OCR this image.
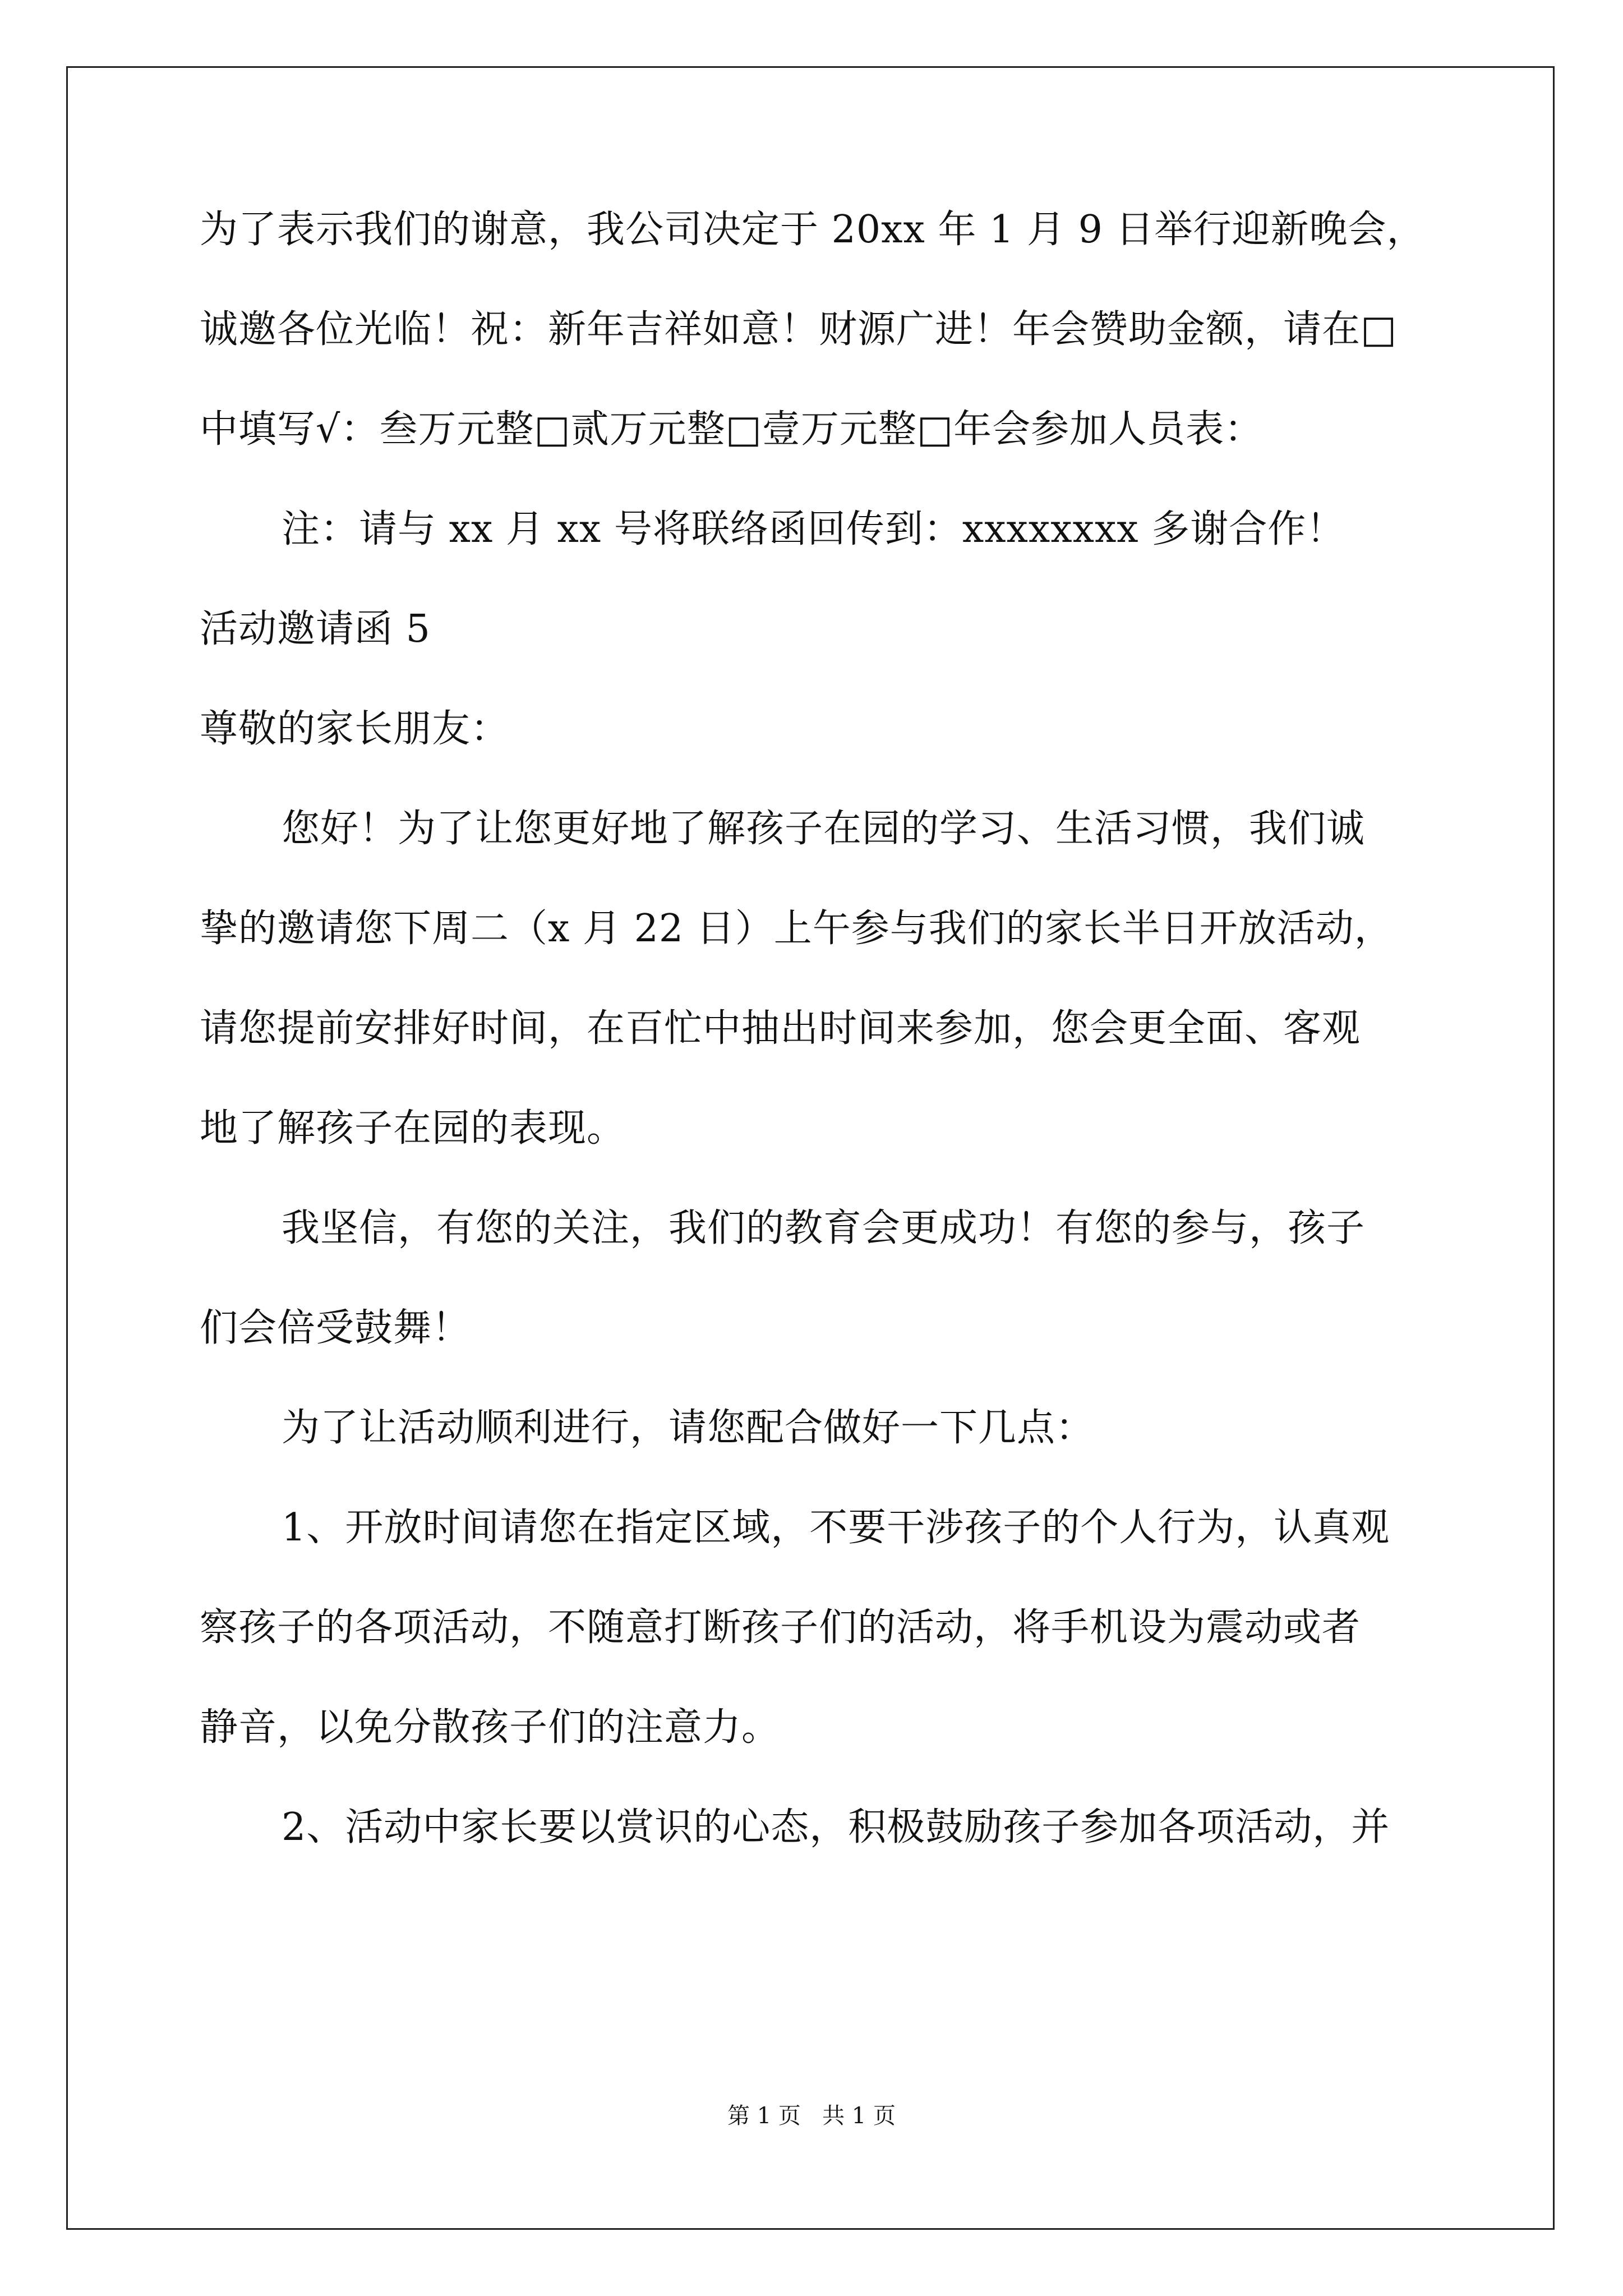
为了表示我们的谢意，我公司决定于 20xx 年 1 月 9 日举行迎新晚会，
诚邀各位光临！祝：新年吉祥如意！财源广进！年会赞助金额，请在□
中填写√：叁万元整□贰万元整□壹万元整□年会参加人员表：
注：请与 xx 月 xx 号将联络函回传到：xxxxxxxx 多谢合作！
活动邀请函 5
尊敬的家长朋友：
您好！为了让您更好地了解孩子在园的学习、生活习惯，我们诚
挚的邀请您下周二（x 月 22 日）上午参与我们的家长半日开放活动，
请您提前安排好时间，在百忙中抽出时间来参加，您会更全面、客观
地了解孩子在园的表现。
我坚信，有您的关注，我们的教育会更成功！有您的参与，孩子
们会倍受鼓舞！
为了让活动顺利进行，请您配合做好一下几点：
1、开放时间请您在指定区域，不要干涉孩子的个人行为，认真观
察孩子的各项活动，不随意打断孩子们的活动，将手机设为震动或者
静音，以免分散孩子们的注意力。
2、活动中家长要以赏识的心态，积极鼓励孩子参加各项活动，并
第 1 页   共 1 页
